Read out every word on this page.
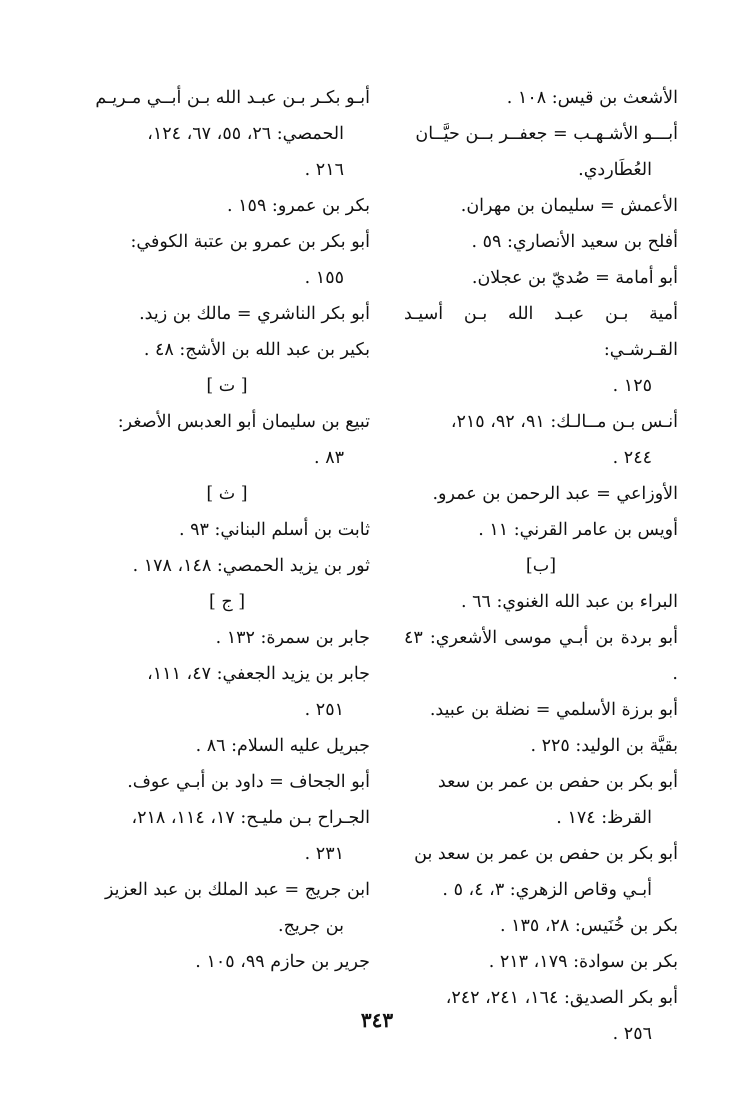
الأشعث بن قيس: ١٠٨ .
أبـــو الأشـهـب = جعفــر بــن حيَّــان
العُطَاردي.
الأعمش = سليمان بن مهران.
أفلح بن سعيد الأنصاري: ٥٩ .
أبو أمامة = صُديّ بن عجلان.
أمية بـن عبـد الله بـن أسيـد القـرشـي:
١٢٥ .
أنـس بـن مــالـك: ٩١، ٩٢، ٢١٥،
٢٤٤ .
الأوزاعي = عبد الرحمن بن عمرو.
أويس بن عامر القرني: ١١ .
[ب]
البراء بن عبد الله الغنوي: ٦٦ .
أبو بردة بن أبـي موسى الأشعري: ٤٣ .
أبو برزة الأسلمي = نضلة بن عبيد.
بقيَّة بن الوليد: ٢٢٥ .
أبو بكر بن حفص بن عمر بن سعد
القرظ: ١٧٤ .
أبو بكر بن حفص بن عمر بن سعد بن
أبـي وقاص الزهري: ٣، ٤، ٥ .
بكر بن خُنَيس: ٢٨، ١٣٥ .
بكر بن سوادة: ١٧٩، ٢١٣ .
أبو بكر الصديق: ١٦٤، ٢٤١، ٢٤٢،
٢٥٦ .
أبـو بكـر بـن عبـد الله بـن أبــي مـريـم
الحمصي: ٢٦، ٥٥، ٦٧، ١٢٤،
٢١٦ .
بكر بن عمرو: ١٥٩ .
أبو بكر بن عمرو بن عتبة الكوفي:
١٥٥ .
أبو بكر الناشري = مالك بن زيد.
بكير بن عبد الله بن الأشج: ٤٨ .
[ ت ]
تبيع بن سليمان أبو العدبس الأصغر:
٨٣ .
[ ث ]
ثابت بن أسلم البناني: ٩٣ .
ثور بن يزيد الحمصي: ١٤٨، ١٧٨ .
[ ج ]
جابر بن سمرة: ١٣٢ .
جابر بن يزيد الجعفي: ٤٧، ١١١،
٢٥١ .
جبريل عليه السلام: ٨٦ .
أبو الجحاف = داود بن أبـي عوف.
الجـراح بـن مليـح: ١٧، ١١٤، ٢١٨،
٢٣١ .
ابن جريج = عبد الملك بن عبد العزيز
بن جريج.
جرير بن حازم ٩٩، ١٠٥ .
٣٤٣
